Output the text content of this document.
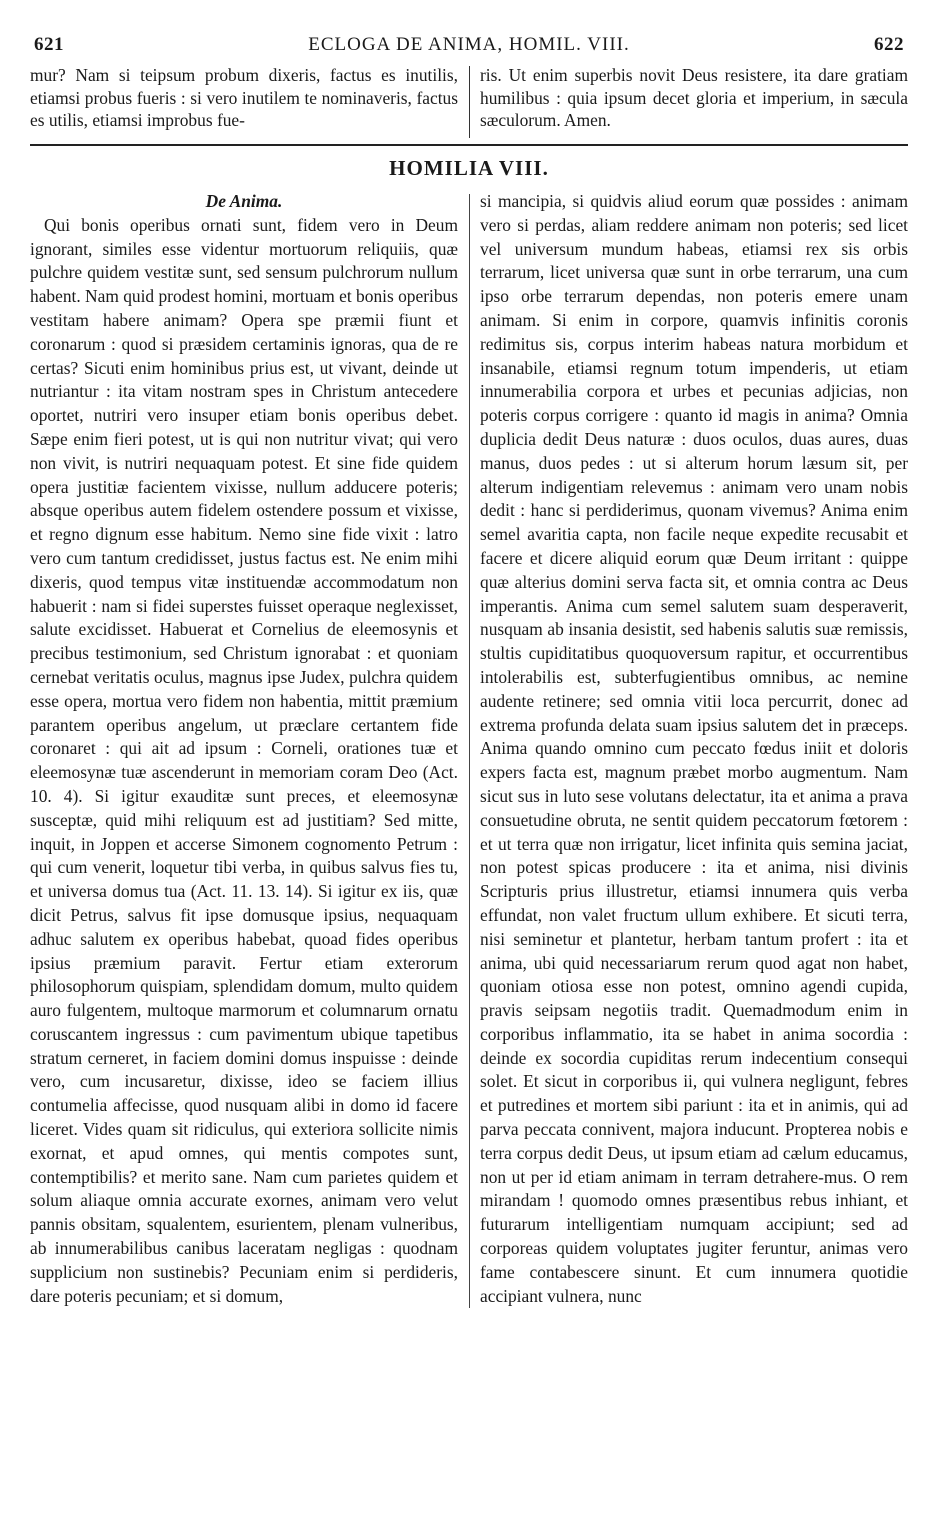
621	ECLOGA DE ANIMA, HOMIL. VIII.	622

mur? Nam si teipsum probum dixeris, factus es inutilis, etiamsi probus fueris : si vero inutilem te nominaveris, factus es utilis, etiamsi improbus fue-

ris. Ut enim superbis novit Deus resistere, ita dare gratiam humilibus : quia ipsum decet gloria et imperium, in sæcula sæculorum. Amen.

HOMILIA VIII.
De Anima.

Qui bonis operibus ornati sunt, fidem vero in Deum ignorant, similes esse videntur mortuorum reliquiis, quæ pulchre quidem vestitæ sunt, sed sensum pulchrorum nullum habent. Nam quid prodest homini, mortuam et bonis operibus vestitam habere animam? Opera spe præmii fiunt et coronarum : quod si præsidem certaminis ignoras, qua de re certas? Sicuti enim hominibus prius est, ut vivant, deinde ut nutriantur : ita vitam nostram spes in Christum antecedere oportet, nutriri vero insuper etiam bonis operibus debet. Sæpe enim fieri potest, ut is qui non nutritur vivat; qui vero non vivit, is nutriri nequaquam potest. Et sine fide quidem opera justitiæ facientem vixisse, nullum adducere poteris; absque operibus autem fidelem ostendere possum et vixisse, et regno dignum esse habitum. Nemo sine fide vixit : latro vero cum tantum credidisset, justus factus est. Ne enim mihi dixeris, quod tempus vitæ instituendæ accommodatum non habuerit : nam si fidei superstes fuisset operaque neglexisset, salute excidisset. Habuerat et Cornelius de eleemosynis et precibus testimonium, sed Christum ignorabat : et quoniam cernebat veritatis oculus, magnus ipse Judex, pulchra quidem esse opera, mortua vero fidem non habentia, mittit præmium parantem operibus angelum, ut præclare certantem fide coronaret : qui ait ad ipsum : Corneli, orationes tuæ et eleemosynæ tuæ ascenderunt in memoriam coram Deo (Act. 10. 4). Si igitur exauditæ sunt preces, et eleemosynæ susceptæ, quid mihi reliquum est ad justitiam? Sed mitte, inquit, in Joppen et accerse Simonem cognomento Petrum : qui cum venerit, loquetur tibi verba, in quibus salvus fies tu, et universa domus tua (Act. 11. 13. 14). Si igitur ex iis, quæ dicit Petrus, salvus fit ipse domusque ipsius, nequaquam adhuc salutem ex operibus habebat, quoad fides operibus ipsius præmium paravit. Fertur etiam exterorum philosophorum quispiam, splendidam domum, multo quidem auro fulgentem, multoque marmorum et columnarum ornatu coruscantem ingressus : cum pavimentum ubique tapetibus stratum cerneret, in faciem domini domus inspuisse : deinde vero, cum incusaretur, dixisse, ideo se faciem illius contumelia affecisse, quod nusquam alibi in domo id facere liceret. Vides quam sit ridiculus, qui exteriora sollicite nimis exornat, et apud omnes, qui mentis compotes sunt, contemptibilis? et merito sane. Nam cum parietes quidem et solum aliaque omnia accurate exornes, animam vero velut pannis obsitam, squalentem, esurientem, plenam vulneribus, ab innumerabilibus canibus laceratam negligas : quodnam supplicium non sustinebis? Pecuniam enim si perdideris, dare poteris pecuniam; et si domum,

si mancipia, si quidvis aliud eorum quæ possides : animam vero si perdas, aliam reddere animam non poteris; sed licet vel universum mundum habeas, etiamsi rex sis orbis terrarum, licet universa quæ sunt in orbe terrarum, una cum ipso orbe terrarum dependas, non poteris emere unam animam. Si enim in corpore, quamvis infinitis coronis redimitus sis, corpus interim habeas natura morbidum et insanabile, etiamsi regnum totum impenderis, ut etiam innumerabilia corpora et urbes et pecunias adjicias, non poteris corpus corrigere : quanto id magis in anima? Omnia duplicia dedit Deus naturæ : duos oculos, duas aures, duas manus, duos pedes : ut si alterum horum læsum sit, per alterum indigentiam relevemus : animam vero unam nobis dedit : hanc si perdiderimus, quonam vivemus? Anima enim semel avaritia capta, non facile neque expedite recusabit et facere et dicere aliquid eorum quæ Deum irritant : quippe quæ alterius domini serva facta sit, et omnia contra ac Deus imperantis. Anima cum semel salutem suam desperaverit, nusquam ab insania desistit, sed habenis salutis suæ remissis, stultis cupiditatibus quoquoversum rapitur, et occurrentibus intolerabilis est, subterfugientibus omnibus, ac nemine audente retinere; sed omnia vitii loca percurrit, donec ad extrema profunda delata suam ipsius salutem det in præceps. Anima quando omnino cum peccato fœdus iniit et doloris expers facta est, magnum præbet morbo augmentum. Nam sicut sus in luto sese volutans delectatur, ita et anima a prava consuetudine obruta, ne sentit quidem peccatorum fœtorem : et ut terra quæ non irrigatur, licet infinita quis semina jaciat, non potest spicas producere : ita et anima, nisi divinis Scripturis prius illustretur, etiamsi innumera quis verba effundat, non valet fructum ullum exhibere. Et sicuti terra, nisi seminetur et plantetur, herbam tantum profert : ita et anima, ubi quid necessariarum rerum quod agat non habet, quoniam otiosa esse non potest, omnino agendi cupida, pravis seipsam negotiis tradit. Quemadmodum enim in corporibus inflammatio, ita se habet in anima socordia : deinde ex socordia cupiditas rerum indecentium consequi solet. Et sicut in corporibus ii, qui vulnera negligunt, febres et putredines et mortem sibi pariunt : ita et in animis, qui ad parva peccata connivent, majora inducunt. Propterea nobis e terra corpus dedit Deus, ut ipsum etiam ad cælum educamus, non ut per id etiam animam in terram detrahere-mus. O rem mirandam ! quomodo omnes præsentibus rebus inhiant, et futurarum intelligentiam numquam accipiunt; sed ad corporeas quidem voluptates jugiter feruntur, animas vero fame contabescere sinunt. Et cum innumera quotidie accipiant vulnera, nunc
